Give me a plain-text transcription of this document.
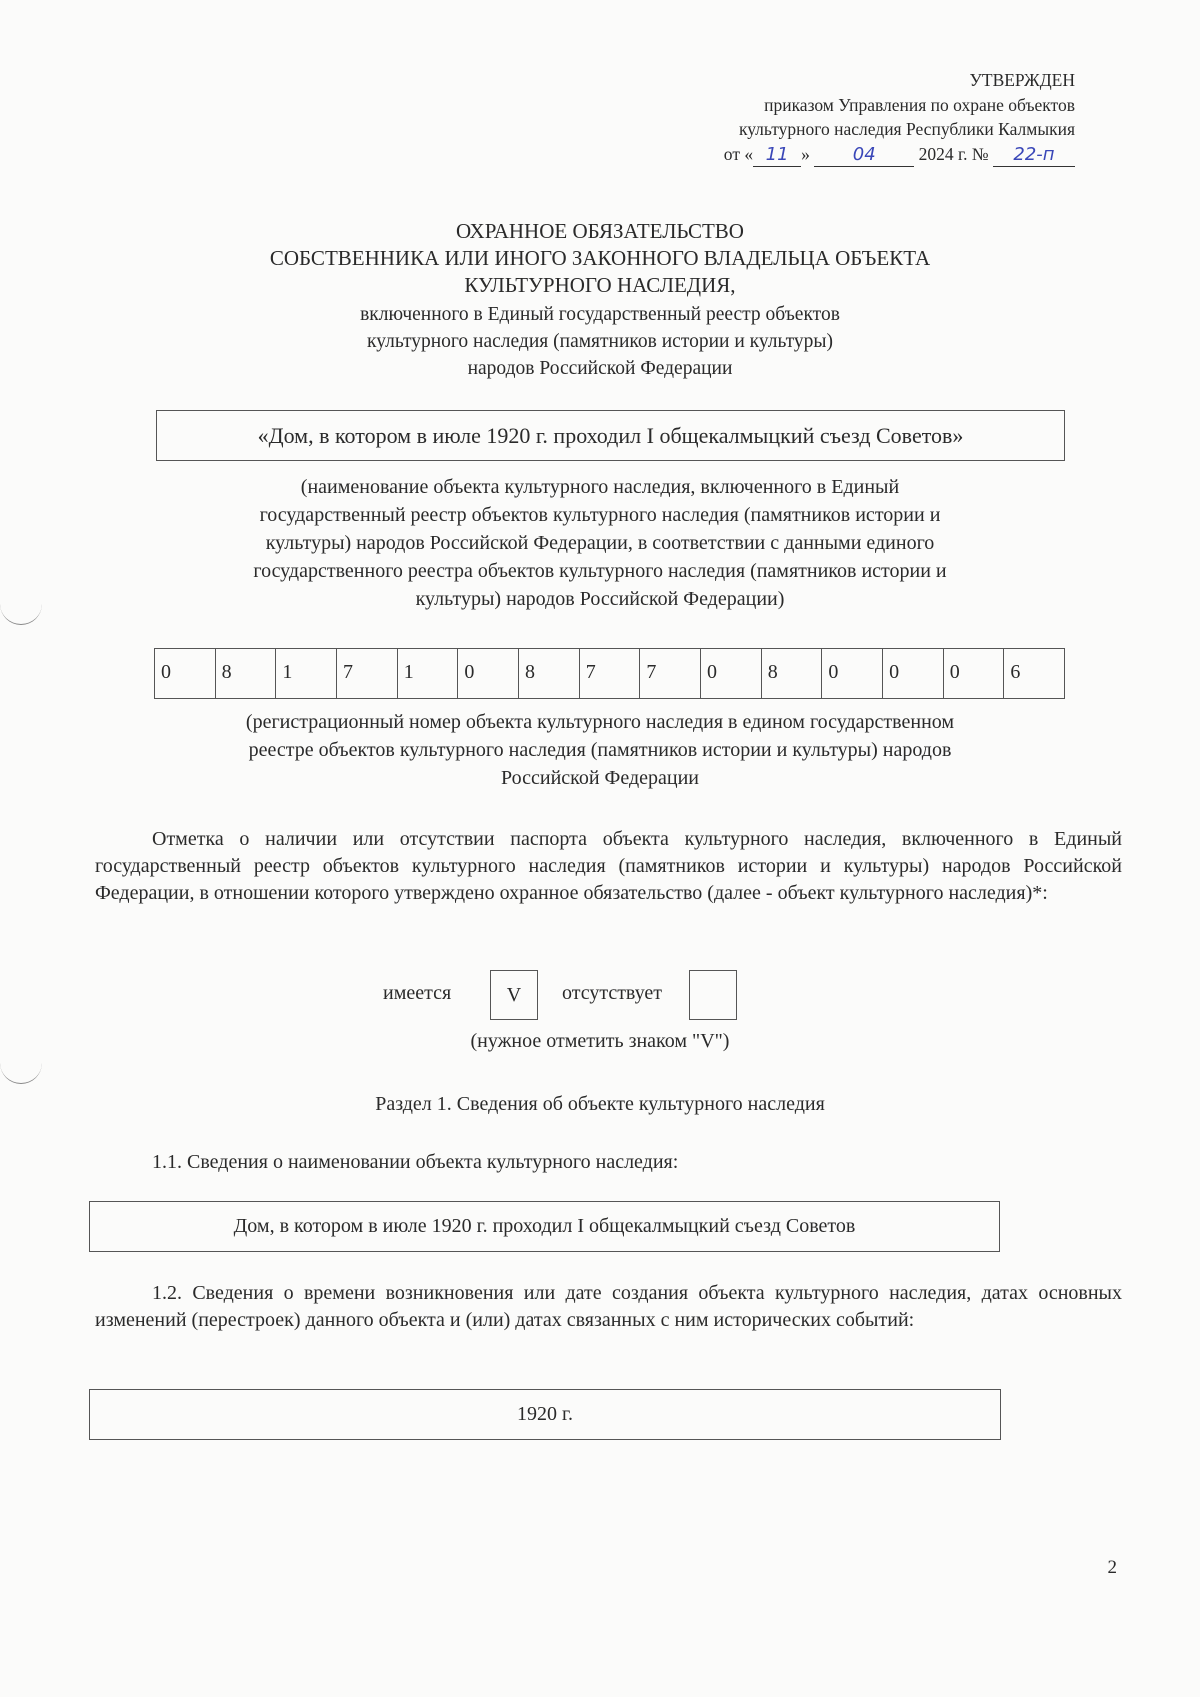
УТВЕРЖДЕН
приказом Управления по охране объектов
культурного наследия Республики Калмыкия
от « 11 » 04 2024 г. № 22-п
ОХРАННОЕ ОБЯЗАТЕЛЬСТВО
СОБСТВЕННИКА ИЛИ ИНОГО ЗАКОННОГО ВЛАДЕЛЬЦА ОБЪЕКТА
КУЛЬТУРНОГО НАСЛЕДИЯ,
включенного в Единый государственный реестр объектов
культурного наследия (памятников истории и культуры)
народов Российской Федерации
«Дом, в котором в июле 1920 г. проходил I общекалмыцкий съезд Советов»
(наименование объекта культурного наследия, включенного в Единый
государственный реестр объектов культурного наследия (памятников истории и
культуры) народов Российской Федерации, в соответствии с данными единого
государственного реестра объектов культурного наследия (памятников истории и
культуры) народов Российской Федерации)
0	8	1	7	1	0	8	7	7	0	8	0	0	0	6
(регистрационный номер объекта культурного наследия в едином государственном
реестре объектов культурного наследия (памятников истории и культуры) народов
Российской Федерации
Отметка о наличии или отсутствии паспорта объекта культурного наследия, включенного в Единый государственный реестр объектов культурного наследия (памятников истории и культуры) народов Российской Федерации, в отношении которого утверждено охранное обязательство (далее - объект культурного наследия)*:
имеется	V отсутствует
(нужное отметить знаком "V")
Раздел 1. Сведения об объекте культурного наследия
1.1. Сведения о наименовании объекта культурного наследия:
Дом, в котором в июле 1920 г. проходил I общекалмыцкий съезд Советов
1.2. Сведения о времени возникновения или дате создания объекта культурного наследия, датах основных изменений (перестроек) данного объекта и (или) датах связанных с ним исторических событий:
1920 г.
2
